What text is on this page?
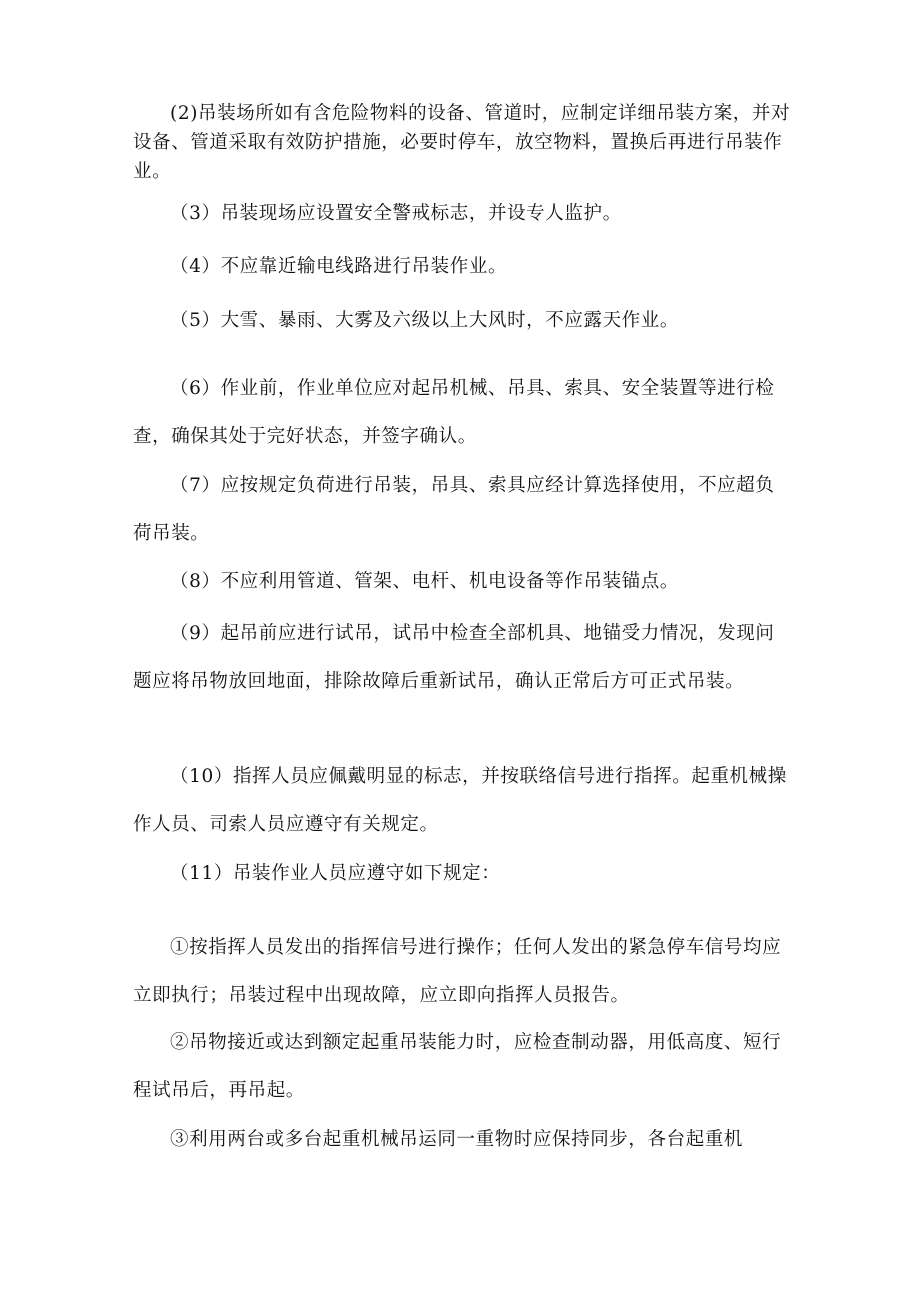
(2)吊装场所如有含危险物料的设备、管道时，应制定详细吊装方案，并对设备、管道采取有效防护措施，必要时停车，放空物料，置换后再进行吊装作业。

（3）吊装现场应设置安全警戒标志，并设专人监护。

（4）不应靠近输电线路进行吊装作业。

（5）大雪、暴雨、大雾及六级以上大风时，不应露天作业。

（6）作业前，作业单位应对起吊机械、吊具、索具、安全装置等进行检查，确保其处于完好状态，并签字确认。

（7）应按规定负荷进行吊装，吊具、索具应经计算选择使用，不应超负荷吊装。

（8）不应利用管道、管架、电杆、机电设备等作吊装锚点。

（9）起吊前应进行试吊，试吊中检查全部机具、地锚受力情况，发现问题应将吊物放回地面，排除故障后重新试吊，确认正常后方可正式吊装。

（10）指挥人员应佩戴明显的标志，并按联络信号进行指挥。起重机械操作人员、司索人员应遵守有关规定。

（11）吊装作业人员应遵守如下规定：

①按指挥人员发出的指挥信号进行操作；任何人发出的紧急停车信号均应立即执行；吊装过程中出现故障，应立即向指挥人员报告。

②吊物接近或达到额定起重吊装能力时，应检查制动器，用低高度、短行程试吊后，再吊起。

③利用两台或多台起重机械吊运同一重物时应保持同步，各台起重机
